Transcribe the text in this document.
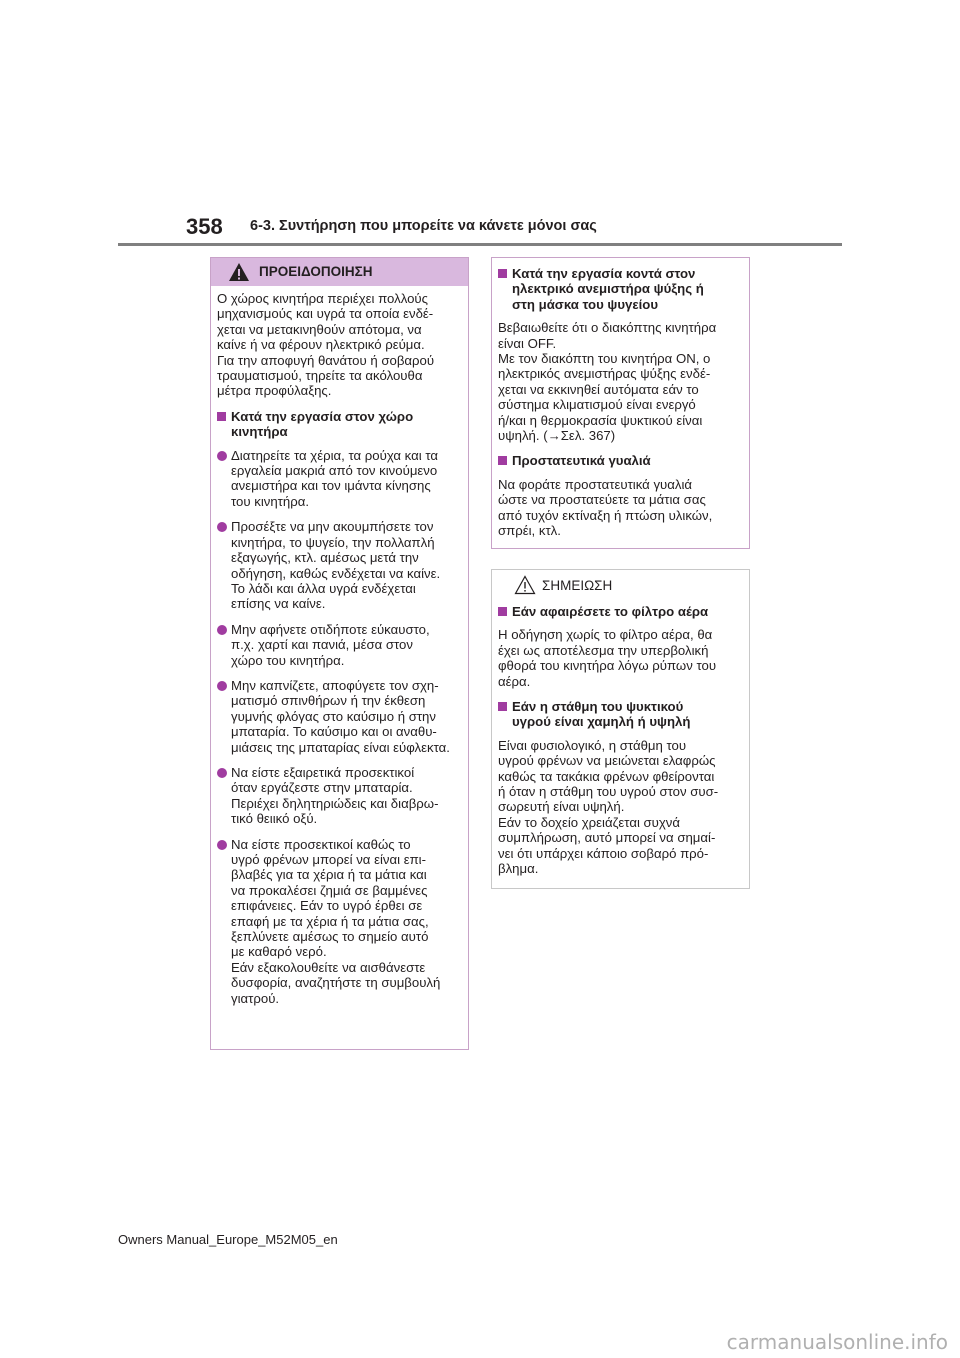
358 6-3. Συντήρηση που μπορείτε να κάνετε μόνοι σας
ΠΡΟΕΙΔΟΠΟΙΗΣΗ
Ο χώρος κινητήρα περιέχει πολλούς
μηχανισμούς και υγρά τα οποία ενδέ-
χεται να μετακινηθούν απότομα, να
καίνε ή να φέρουν ηλεκτρικό ρεύμα.
Για την αποφυγή θανάτου ή σοβαρού
τραυματισμού, τηρείτε τα ακόλουθα
μέτρα προφύλαξης.
Κατά την εργασία στον χώρο
κινητήρα
Διατηρείτε τα χέρια, τα ρούχα και τα
εργαλεία μακριά από τον κινούμενο
ανεμιστήρα και τον ιμάντα κίνησης
του κινητήρα.
Προσέξτε να μην ακουμπήσετε τον
κινητήρα, το ψυγείο, την πολλαπλή
εξαγωγής, κτλ. αμέσως μετά την
οδήγηση, καθώς ενδέχεται να καίνε.
Το λάδι και άλλα υγρά ενδέχεται
επίσης να καίνε.
Μην αφήνετε οτιδήποτε εύκαυστο,
π.χ. χαρτί και πανιά, μέσα στον
χώρο του κινητήρα.
Μην καπνίζετε, αποφύγετε τον σχη-
ματισμό σπινθήρων ή την έκθεση
γυμνής φλόγας στο καύσιμο ή στην
μπαταρία. Το καύσιμο και οι αναθυ-
μιάσεις της μπαταρίας είναι εύφλεκτα.
Να είστε εξαιρετικά προσεκτικοί
όταν εργάζεστε στην μπαταρία.
Περιέχει δηλητηριώδεις και διαβρω-
τικό θειικό οξύ.
Να είστε προσεκτικοί καθώς το
υγρό φρένων μπορεί να είναι επι-
βλαβές για τα χέρια ή τα μάτια και
να προκαλέσει ζημιά σε βαμμένες
επιφάνειες. Εάν το υγρό έρθει σε
επαφή με τα χέρια ή τα μάτια σας,
ξεπλύνετε αμέσως το σημείο αυτό
με καθαρό νερό.
Εάν εξακολουθείτε να αισθάνεστε
δυσφορία, αναζητήστε τη συμβουλή
γιατρού.
Κατά την εργασία κοντά στον
ηλεκτρικό ανεμιστήρα ψύξης ή
στη μάσκα του ψυγείου
Βεβαιωθείτε ότι ο διακόπτης κινητήρα
είναι OFF.
Με τον διακόπτη του κινητήρα ON, ο
ηλεκτρικός ανεμιστήρας ψύξης ενδέ-
χεται να εκκινηθεί αυτόματα εάν το
σύστημα κλιματισμού είναι ενεργό
ή/και η θερμοκρασία ψυκτικού είναι
υψηλή. (→Σελ. 367)
Προστατευτικά γυαλιά
Να φοράτε προστατευτικά γυαλιά
ώστε να προστατεύετε τα μάτια σας
από τυχόν εκτίναξη ή πτώση υλικών,
σπρέι, κτλ.
ΣΗΜΕΙΩΣΗ
Εάν αφαιρέσετε το φίλτρο αέρα
Η οδήγηση χωρίς το φίλτρο αέρα, θα
έχει ως αποτέλεσμα την υπερβολική
φθορά του κινητήρα λόγω ρύπων του
αέρα.
Εάν η στάθμη του ψυκτικού
υγρού είναι χαμηλή ή υψηλή
Είναι φυσιολογικό, η στάθμη του
υγρού φρένων να μειώνεται ελαφρώς
καθώς τα τακάκια φρένων φθείρονται
ή όταν η στάθμη του υγρού στον συσ-
σωρευτή είναι υψηλή.
Εάν το δοχείο χρειάζεται συχνά
συμπλήρωση, αυτό μπορεί να σημαί-
νει ότι υπάρχει κάποιο σοβαρό πρό-
βλημα.
Owners Manual_Europe_M52M05_en
carmanualsonline.info
